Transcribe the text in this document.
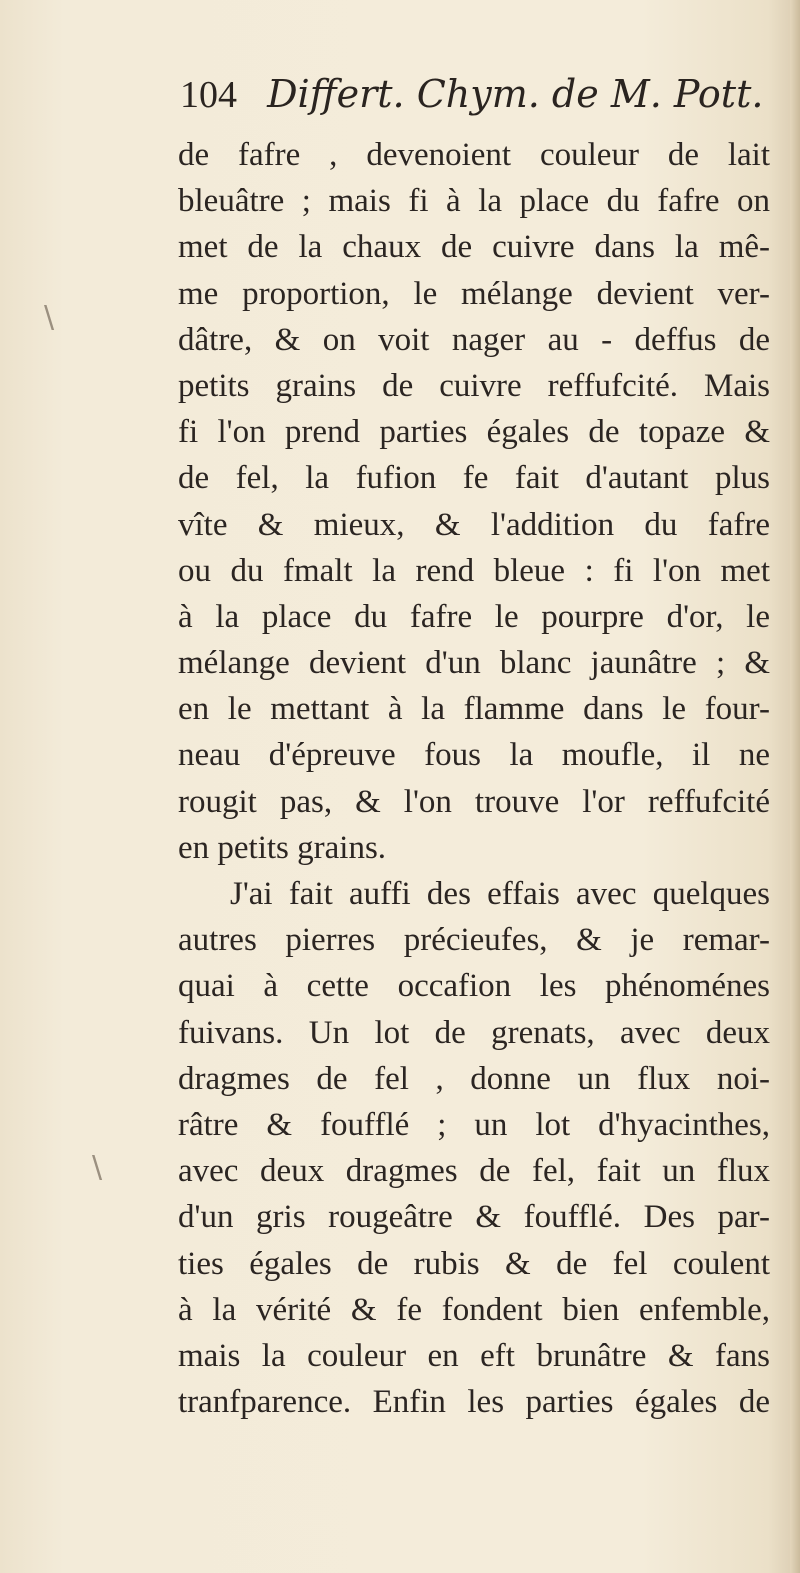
\
\
104 Differt. Chym. de M. Pott.
de fafre , devenoient couleur de lait
bleuâtre ; mais fi à la place du fafre on
met de la chaux de cuivre dans la mê-
me proportion, le mélange devient ver-
dâtre, & on voit nager au - deffus de
petits grains de cuivre reffufcité. Mais
fi l'on prend parties égales de topaze &
de fel, la fufion fe fait d'autant plus
vîte & mieux, & l'addition du fafre
ou du fmalt la rend bleue : fi l'on met
à la place du fafre le pourpre d'or, le
mélange devient d'un blanc jaunâtre ; &
en le mettant à la flamme dans le four-
neau d'épreuve fous la moufle, il ne
rougit pas, & l'on trouve l'or reffufcité
en petits grains.
J'ai fait auffi des effais avec quelques
autres pierres précieufes, & je remar-
quai à cette occafion les phénoménes
fuivans. Un lot de grenats, avec deux
dragmes de fel , donne un flux noi-
râtre & foufflé ; un lot d'hyacinthes,
avec deux dragmes de fel, fait un flux
d'un gris rougeâtre & foufflé. Des par-
ties égales de rubis & de fel coulent
à la vérité & fe fondent bien enfemble,
mais la couleur en eft brunâtre & fans
tranfparence. Enfin les parties égales de
